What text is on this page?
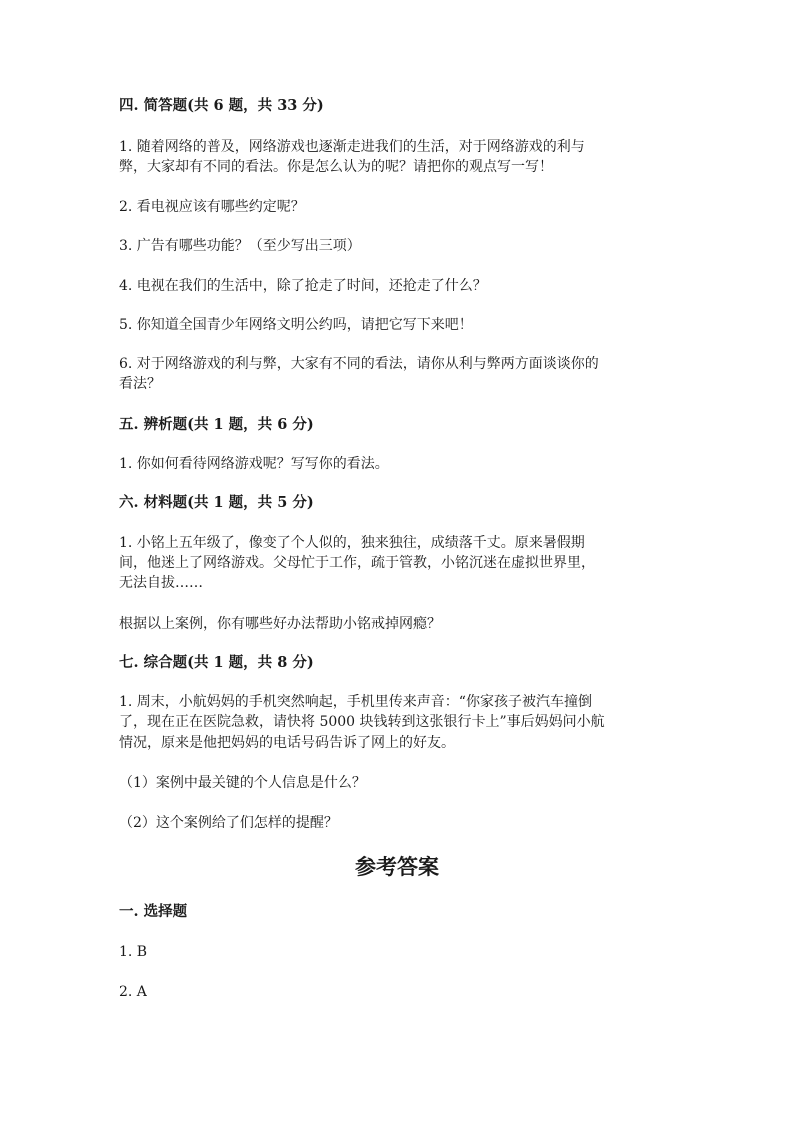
四. 简答题(共 6 题，共 33 分)
1. 随着网络的普及，网络游戏也逐渐走进我们的生活，对于网络游戏的利与
弊，大家却有不同的看法。你是怎么认为的呢？请把你的观点写一写！
2. 看电视应该有哪些约定呢？
3. 广告有哪些功能？（至少写出三项）
4. 电视在我们的生活中，除了抢走了时间，还抢走了什么？
5. 你知道全国青少年网络文明公约吗，请把它写下来吧！
6. 对于网络游戏的利与弊，大家有不同的看法，请你从利与弊两方面谈谈你的
看法？
五. 辨析题(共 1 题，共 6 分)
1. 你如何看待网络游戏呢？写写你的看法。
六. 材料题(共 1 题，共 5 分)
1. 小铭上五年级了，像变了个人似的，独来独往，成绩落千丈。原来暑假期
间，他迷上了网络游戏。父母忙于工作，疏于管教，小铭沉迷在虚拟世界里，
无法自拔……
根据以上案例，你有哪些好办法帮助小铭戒掉网瘾？
七. 综合题(共 1 题，共 8 分)
1. 周末，小航妈妈的手机突然响起，手机里传来声音：“你家孩子被汽车撞倒
了，现在正在医院急救，请快将 5000 块钱转到这张银行卡上”事后妈妈问小航
情况，原来是他把妈妈的电话号码告诉了网上的好友。
（1）案例中最关键的个人信息是什么？
（2）这个案例给了们怎样的提醒？
参考答案
一. 选择题
1. B
2. A
